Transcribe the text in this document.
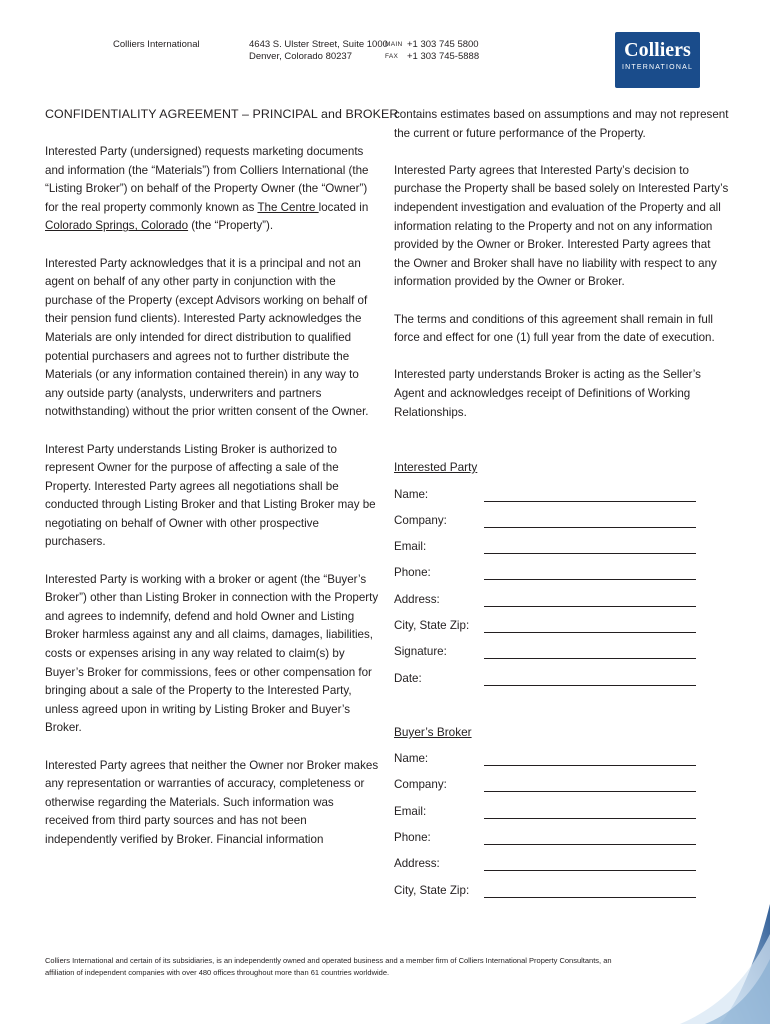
Colliers International	4643 S. Ulster Street, Suite 1000
Denver, Colorado 80237
MAIN +1 303 745 5800
FAX +1 303 745-5888	Colliers
INTERNATIONAL
CONFIDENTIALITY AGREEMENT – PRINCIPAL and BROKER

Interested Party (undersigned) requests marketing documents and information (the “Materials”) from Colliers International (the “Listing Broker”) on behalf of the Property Owner (the “Owner”) for the real property commonly known as The Centre located in Colorado Springs, Colorado (the “Property”).

Interested Party acknowledges that it is a principal and not an agent on behalf of any other party in conjunction with the purchase of the Property (except Advisors working on behalf of their pension fund clients). Interested Party acknowledges the Materials are only intended for direct distribution to qualified potential purchasers and agrees not to further distribute the Materials (or any information contained therein) in any way to any outside party (analysts, underwriters and partners notwithstanding) without the prior written consent of the Owner.

Interest Party understands Listing Broker is authorized to represent Owner for the purpose of affecting a sale of the Property. Interested Party agrees all negotiations shall be conducted through Listing Broker and that Listing Broker may be negotiating on behalf of Owner with other prospective purchasers.

Interested Party is working with a broker or agent (the “Buyer’s Broker”) other than Listing Broker in connection with the Property and agrees to indemnify, defend and hold Owner and Listing Broker harmless against any and all claims, damages, liabilities, costs or expenses arising in any way related to claim(s) by Buyer’s Broker for commissions, fees or other compensation for bringing about a sale of the Property to the Interested Party, unless agreed upon in writing by Listing Broker and Buyer’s Broker.

Interested Party agrees that neither the Owner nor Broker makes any representation or warranties of accuracy, completeness or otherwise regarding the Materials. Such information was received from third party sources and has not been independently verified by Broker. Financial information

contains estimates based on assumptions and may not represent the current or future performance of the Property.

Interested Party agrees that Interested Party’s decision to purchase the Property shall be based solely on Interested Party’s independent investigation and evaluation of the Property and all information relating to the Property and not on any information provided by the Owner or Broker. Interested Party agrees that the Owner and Broker shall have no liability with respect to any information provided by the Owner or Broker.

The terms and conditions of this agreement shall remain in full force and effect for one (1) full year from the date of execution.

Interested party understands Broker is acting as the Seller’s Agent and acknowledges receipt of Definitions of Working Relationships.

Interested Party
Name:
Company:
Email:
Phone:
Address:
City, State Zip:
Signature:
Date:
Buyer’s Broker
Name:
Company:
Email:
Phone:
Address:
City, State Zip:
Colliers International and certain of its subsidiaries, is an independently owned and operated business and a member firm of Colliers International Property Consultants, an affiliation of independent companies with over 480 offices throughout more than 61 countries worldwide.
